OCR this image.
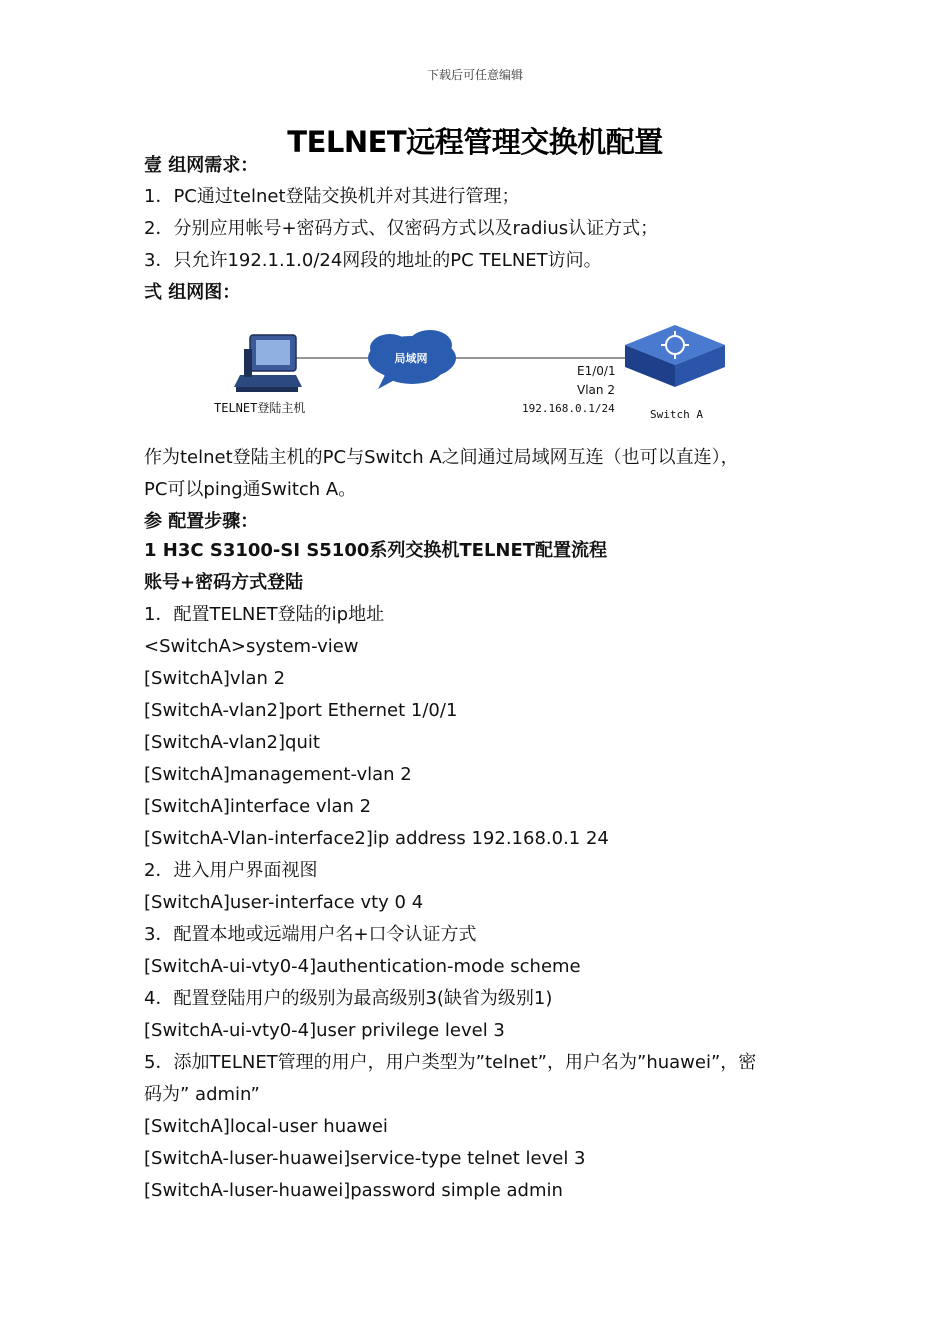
下载后可任意编辑
TELNET远程管理交换机配置
壹 组网需求：
1．PC通过telnet登陆交换机并对其进行管理；
2．分别应用帐号+密码方式、仅密码方式以及radius认证方式；
3．只允许192.1.1.0/24网段的地址的PC TELNET访问。
弍 组网图：
TELNET登陆主机
局域网
E1/0/1
Vlan 2
192.168.0.1/24	Switch A
作为telnet登陆主机的PC与Switch A之间通过局域网互连（也可以直连），
PC可以ping通Switch A。
参 配置步骤：
1 H3C S3100-SI S5100系列交换机TELNET配置流程
账号+密码方式登陆
1．配置TELNET登陆的ip地址
<SwitchA>system-view
[SwitchA]vlan 2
[SwitchA-vlan2]port Ethernet 1/0/1
[SwitchA-vlan2]quit
[SwitchA]management-vlan 2
[SwitchA]interface vlan 2
[SwitchA-Vlan-interface2]ip address 192.168.0.1 24
2．进入用户界面视图
[SwitchA]user-interface vty 0 4
3．配置本地或远端用户名+口令认证方式
[SwitchA-ui-vty0-4]authentication-mode scheme
4．配置登陆用户的级别为最高级别3(缺省为级别1)
[SwitchA-ui-vty0-4]user privilege level 3
5．添加TELNET管理的用户，用户类型为”telnet”，用户名为”huawei”，密
码为” admin”
[SwitchA]local-user huawei
[SwitchA-luser-huawei]service-type telnet level 3
[SwitchA-luser-huawei]password simple admin
